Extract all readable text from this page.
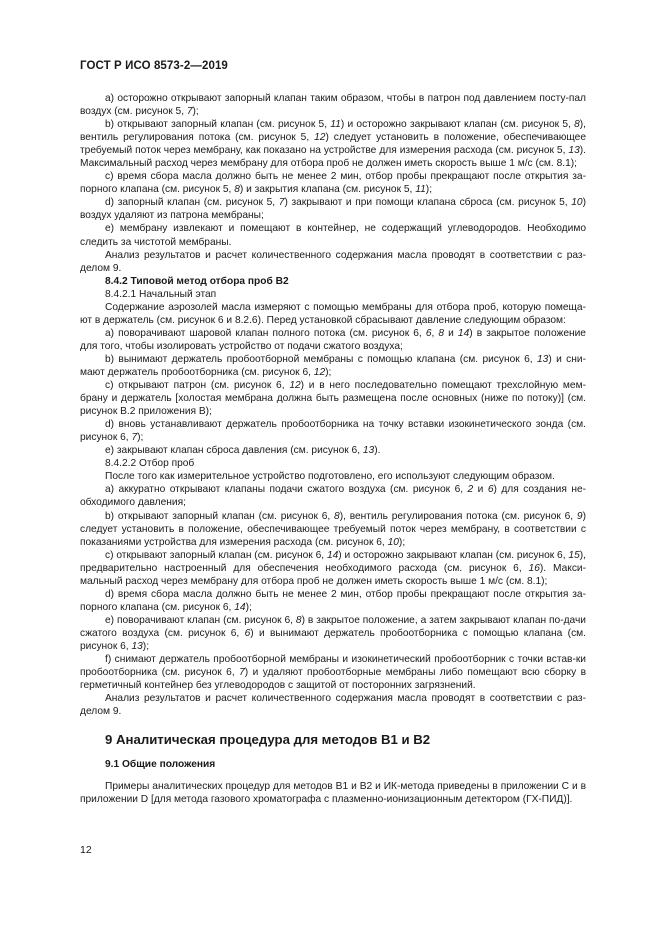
ГОСТ Р ИСО 8573-2—2019

a) осторожно открывают запорный клапан таким образом, чтобы в патрон под давлением посту-пал воздух (см. рисунок 5, 7);

b) открывают запорный клапан (см. рисунок 5, 11) и осторожно закрывают клапан (см. рисунок 5, 8), вентиль регулирования потока (см. рисунок 5, 12) следует установить в положение, обеспечивающее требуемый поток через мембрану, как показано на устройстве для измерения расхода (см. рисунок 5, 13). Максимальный расход через мембрану для отбора проб не должен иметь скорость выше 1 м/с (см. 8.1);

c) время сбора масла должно быть не менее 2 мин, отбор пробы прекращают после открытия за-порного клапана (см. рисунок 5, 8) и закрытия клапана (см. рисунок 5, 11);

d) запорный клапан (см. рисунок 5, 7) закрывают и при помощи клапана сброса (см. рисунок 5, 10) воздух удаляют из патрона мембраны;

e) мембрану извлекают и помещают в контейнер, не содержащий углеводородов. Необходимо следить за чистотой мембраны.

Анализ результатов и расчет количественного содержания масла проводят в соответствии с раз-делом 9.

8.4.2 Типовой метод отбора проб В2

8.4.2.1 Начальный этап

Содержание аэрозолей масла измеряют с помощью мембраны для отбора проб, которую помеща-ют в держатель (см. рисунок 6 и 8.2.6). Перед установкой сбрасывают давление следующим образом:

a) поворачивают шаровой клапан полного потока (см. рисунок 6, 6, 8 и 14) в закрытое положение для того, чтобы изолировать устройство от подачи сжатого воздуха;

b) вынимают держатель пробоотборной мембраны с помощью клапана (см. рисунок 6, 13) и сни-мают держатель пробоотборника (см. рисунок 6, 12);

c) открывают патрон (см. рисунок 6, 12) и в него последовательно помещают трехслойную мем-брану и держатель [холостая мембрана должна быть размещена после основных (ниже по потоку)] (см. рисунок В.2 приложения В);

d) вновь устанавливают держатель пробоотборника на точку вставки изокинетического зонда (см. рисунок 6, 7);

e) закрывают клапан сброса давления (см. рисунок 6, 13).

8.4.2.2 Отбор проб

После того как измерительное устройство подготовлено, его используют следующим образом.

a) аккуратно открывают клапаны подачи сжатого воздуха (см. рисунок 6, 2 и 6) для создания не-обходимого давления;

b) открывают запорный клапан (см. рисунок 6, 8), вентиль регулирования потока (см. рисунок 6, 9) следует установить в положение, обеспечивающее требуемый поток через мембрану, в соответствии с показаниями устройства для измерения расхода (см. рисунок 6, 10);

c) открывают запорный клапан (см. рисунок 6, 14) и осторожно закрывают клапан (см. рисунок 6, 15), предварительно настроенный для обеспечения необходимого расхода (см. рисунок 6, 16). Макси-мальный расход через мембрану для отбора проб не должен иметь скорость выше 1 м/с (см. 8.1);

d) время сбора масла должно быть не менее 2 мин, отбор пробы прекращают после открытия за-порного клапана (см. рисунок 6, 14);

e) поворачивают клапан (см. рисунок 6, 8) в закрытое положение, а затем закрывают клапан по-дачи сжатого воздуха (см. рисунок 6, 6) и вынимают держатель пробоотборника с помощью клапана (см. рисунок 6, 13);

f) снимают держатель пробоотборной мембраны и изокинетический пробоотборник с точки встав-ки пробоотборника (см. рисунок 6, 7) и удаляют пробоотборные мембраны либо помещают всю сборку в герметичный контейнер без углеводородов с защитой от посторонних загрязнений.

Анализ результатов и расчет количественного содержания масла проводят в соответствии с раз-делом 9.

9 Аналитическая процедура для методов В1 и В2
9.1 Общие положения

Примеры аналитических процедур для методов В1 и В2 и ИК-метода приведены в приложении C и в приложении D [для метода газового хроматографа с плазменно-ионизационным детектором (ГХ-ПИД)].

12
